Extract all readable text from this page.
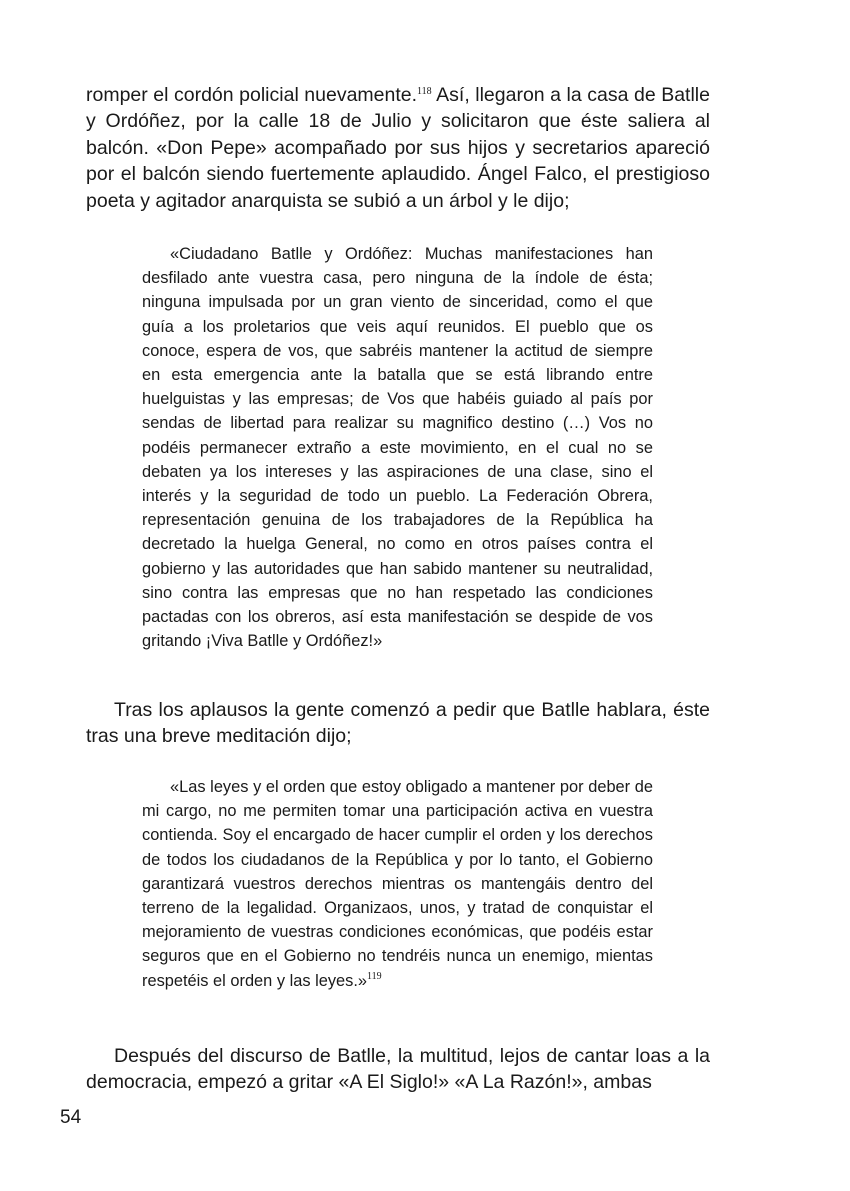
romper el cordón policial nuevamente.$^{118}$ Así, llegaron a la casa de Batlle y Ordóñez, por la calle 18 de Julio y solicitaron que éste saliera al balcón. «Don Pepe» acompañado por sus hijos y secretarios apareció por el balcón siendo fuertemente aplaudido. Ángel Falco, el prestigioso poeta y agitador anarquista se subió a un árbol y le dijo;

«Ciudadano Batlle y Ordóñez: Muchas manifestaciones han desfilado ante vuestra casa, pero ninguna de la índole de ésta; ninguna impulsada por un gran viento de sinceridad, como el que guía a los proletarios que veis aquí reunidos. El pueblo que os conoce, espera de vos, que sabréis mantener la actitud de siempre en esta emergencia ante la batalla que se está librando entre huelguistas y las empresas; de Vos que habéis guiado al país por sendas de libertad para realizar su magnifico destino (…) Vos no podéis permanecer extraño a este movimiento, en el cual no se debaten ya los intereses y las aspiraciones de una clase, sino el interés y la seguridad de todo un pueblo. La Federación Obrera, representación genuina de los trabajadores de la República ha decretado la huelga General, no como en otros países contra el gobierno y las autoridades que han sabido mantener su neutralidad, sino contra las empresas que no han respetado las condiciones pactadas con los obreros, así esta manifestación se despide de vos gritando ¡Viva Batlle y Ordóñez!»

Tras los aplausos la gente comenzó a pedir que Batlle hablara, éste tras una breve meditación dijo;

«Las leyes y el orden que estoy obligado a mantener por deber de mi cargo, no me permiten tomar una participación activa en vuestra contienda. Soy el encargado de hacer cumplir el orden y los derechos de todos los ciudadanos de la República y por lo tanto, el Gobierno garantizará vuestros derechos mientras os mantengáis dentro del terreno de la legalidad. Organizaos, unos, y tratad de conquistar el mejoramiento de vuestras condiciones económicas, que podéis estar seguros que en el Gobierno no tendréis nunca un enemigo, mientas respetéis el orden y las leyes.»$^{119}$

Después del discurso de Batlle, la multitud, lejos de cantar loas a la democracia, empezó a gritar «A El Siglo!» «A La Razón!», ambas

54
